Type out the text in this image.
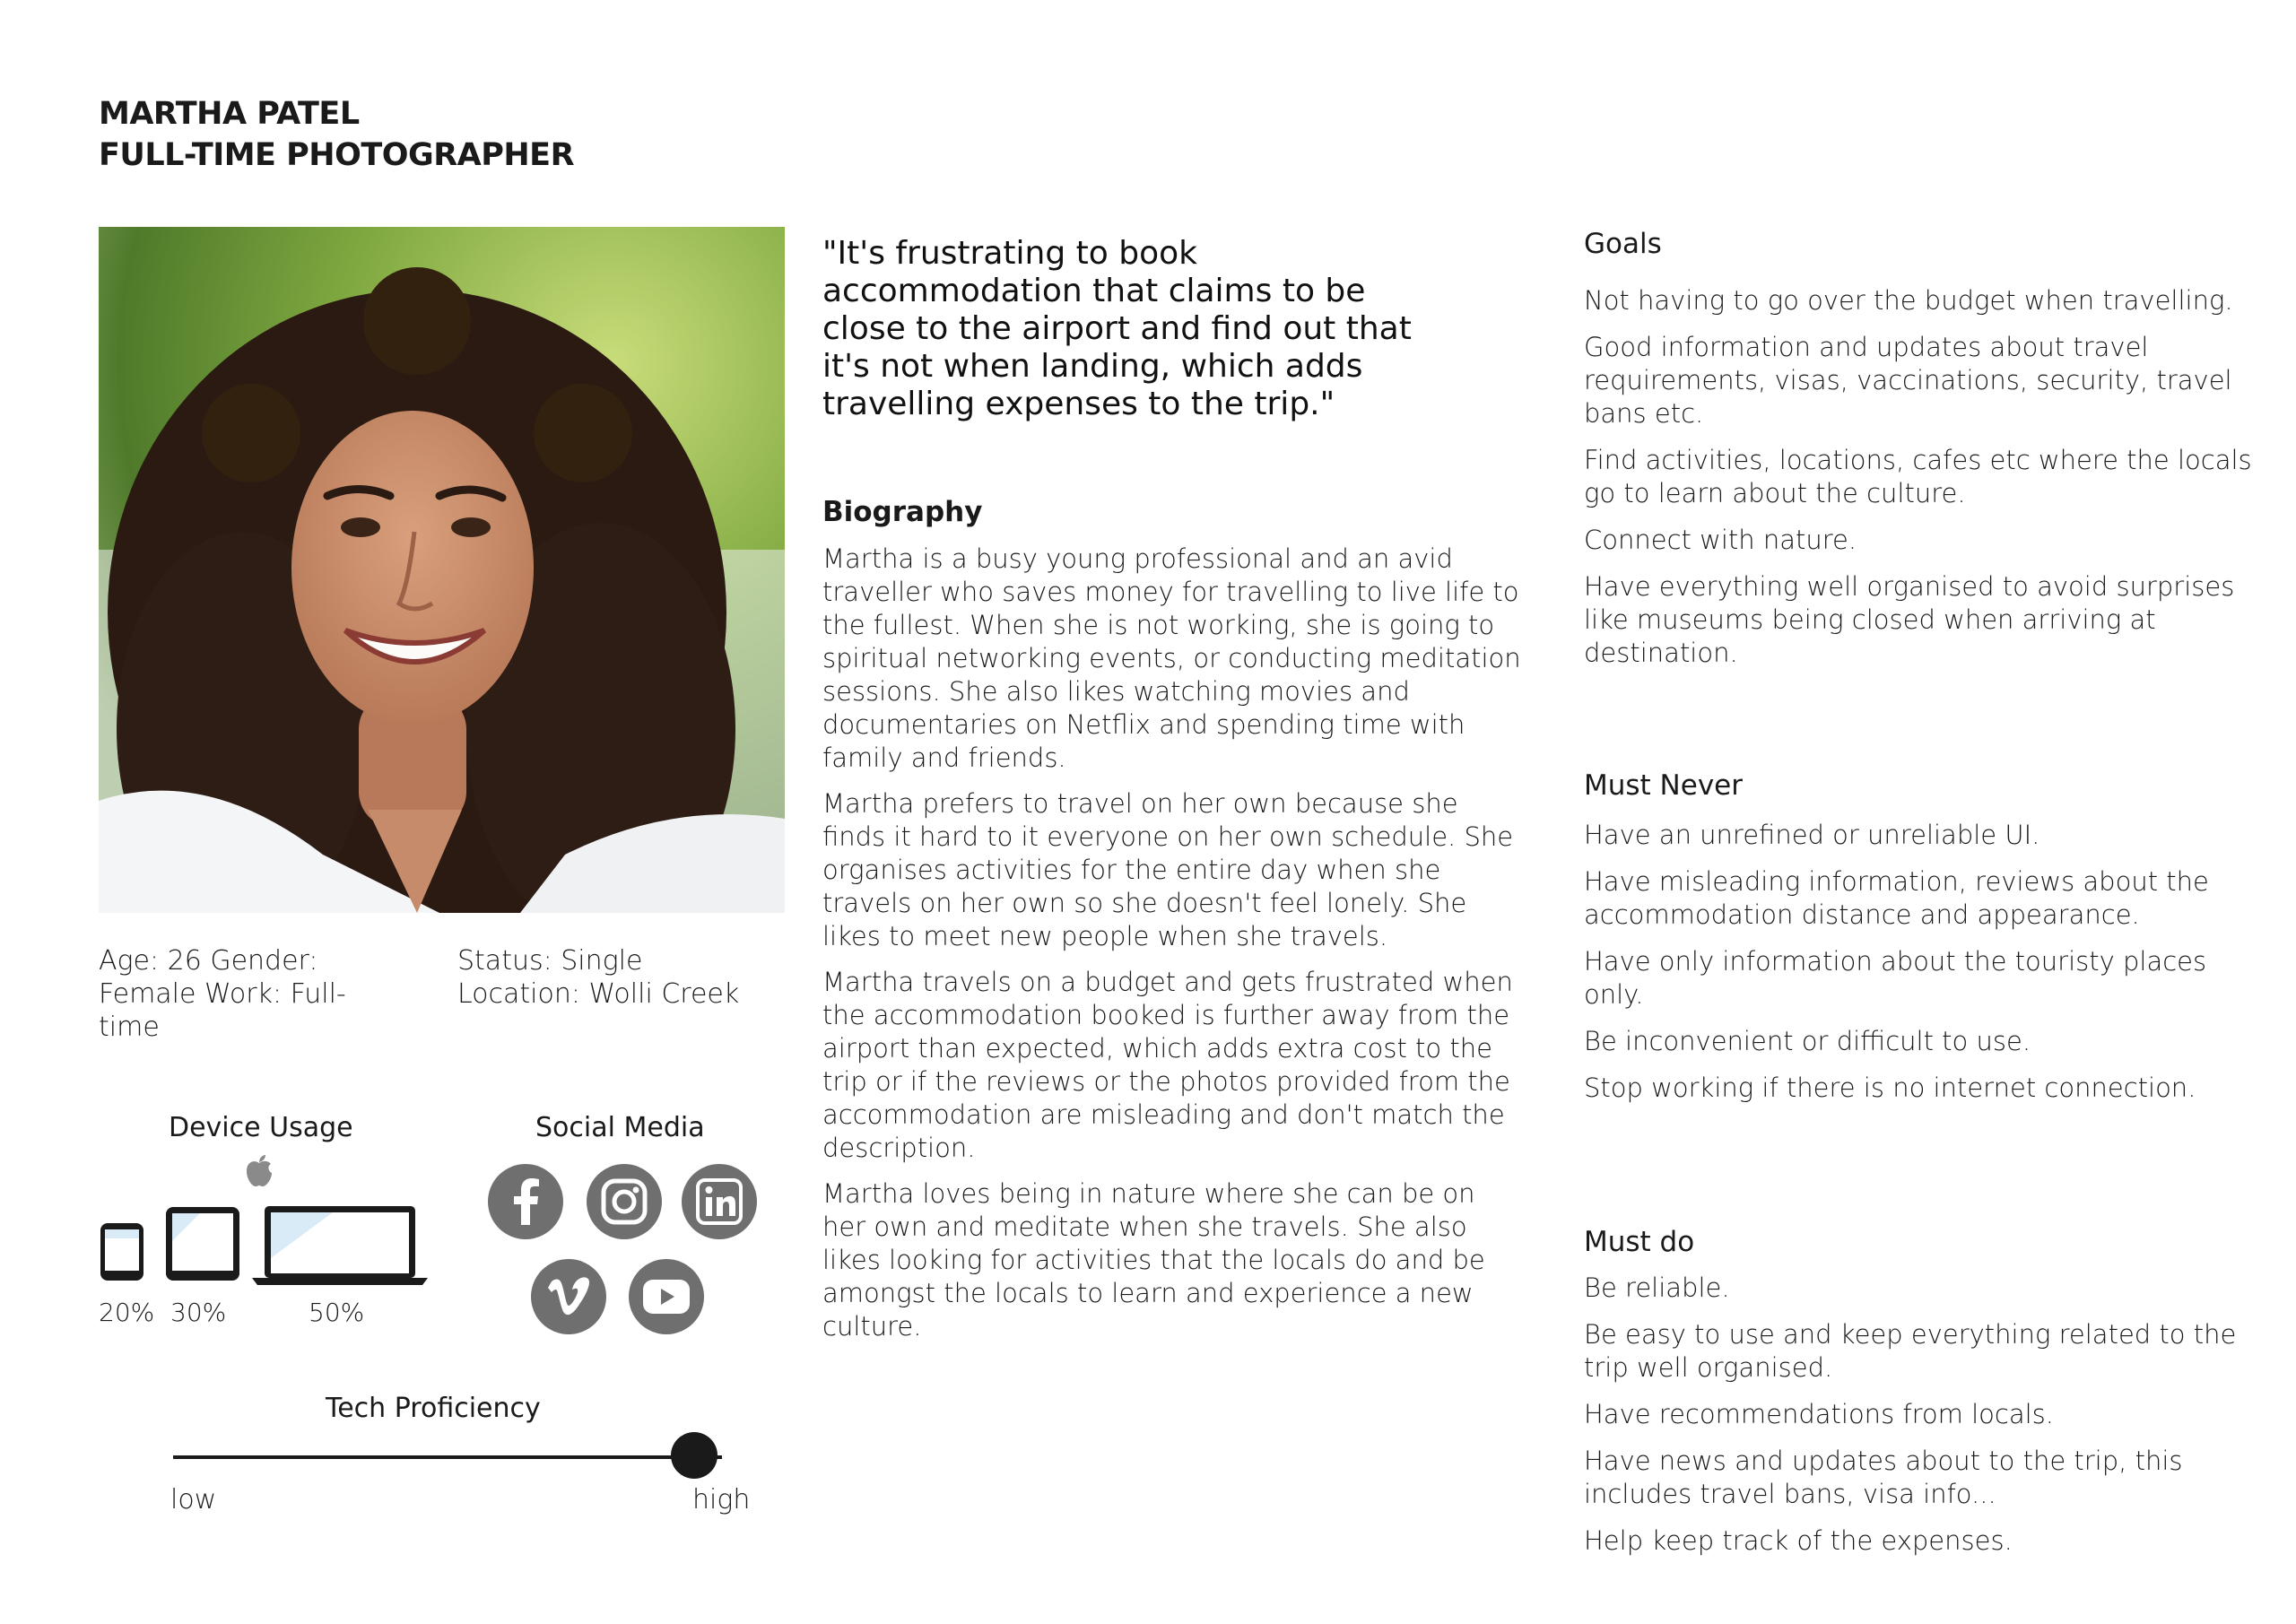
MARTHA PATEL
FULL-TIME PHOTOGRAPHER
Age: 26 Gender: Female Work: Full-time
Status: Single
Location: Wolli Creek
Device Usage
20% 30%	50%
Social Media
Tech Proficiency
low	high
"It's frustrating to book accommodation that claims to be close to the airport and find out that it's not when landing, which adds travelling expenses to the trip."
Biography

Martha is a busy young professional and an avid traveller who saves money for travelling to live life to the fullest. When she is not working, she is going to spiritual networking events, or conducting meditation sessions. She also likes watching movies and documentaries on Netflix and spending time with family and friends.

Martha prefers to travel on her own because she finds it hard to it everyone on her own schedule. She organises activities for the entire day when she travels on her own so she doesn't feel lonely. She likes to meet new people when she travels.

Martha travels on a budget and gets frustrated when the accommodation booked is further away from the airport than expected, which adds extra cost to the trip or if the reviews or the photos provided from the accommodation are misleading and don't match the description.

Martha loves being in nature where she can be on her own and meditate when she travels. She also likes looking for activities that the locals do and be amongst the locals to learn and experience a new culture.

Goals

Not having to go over the budget when travelling.

Good information and updates about travel requirements, visas, vaccinations, security, travel bans etc.

Find activities, locations, cafes etc where the locals go to learn about the culture.

Connect with nature.

Have everything well organised to avoid surprises like museums being closed when arriving at destination.

Must Never

Have an unrefined or unreliable UI.

Have misleading information, reviews about the accommodation distance and appearance.

Have only information about the touristy places only.

Be inconvenient or difficult to use.

Stop working if there is no internet connection.

Must do

Be reliable.

Be easy to use and keep everything related to the trip well organised.

Have recommendations from locals.

Have news and updates about to the trip, this includes travel bans, visa info...

Help keep track of the expenses.
